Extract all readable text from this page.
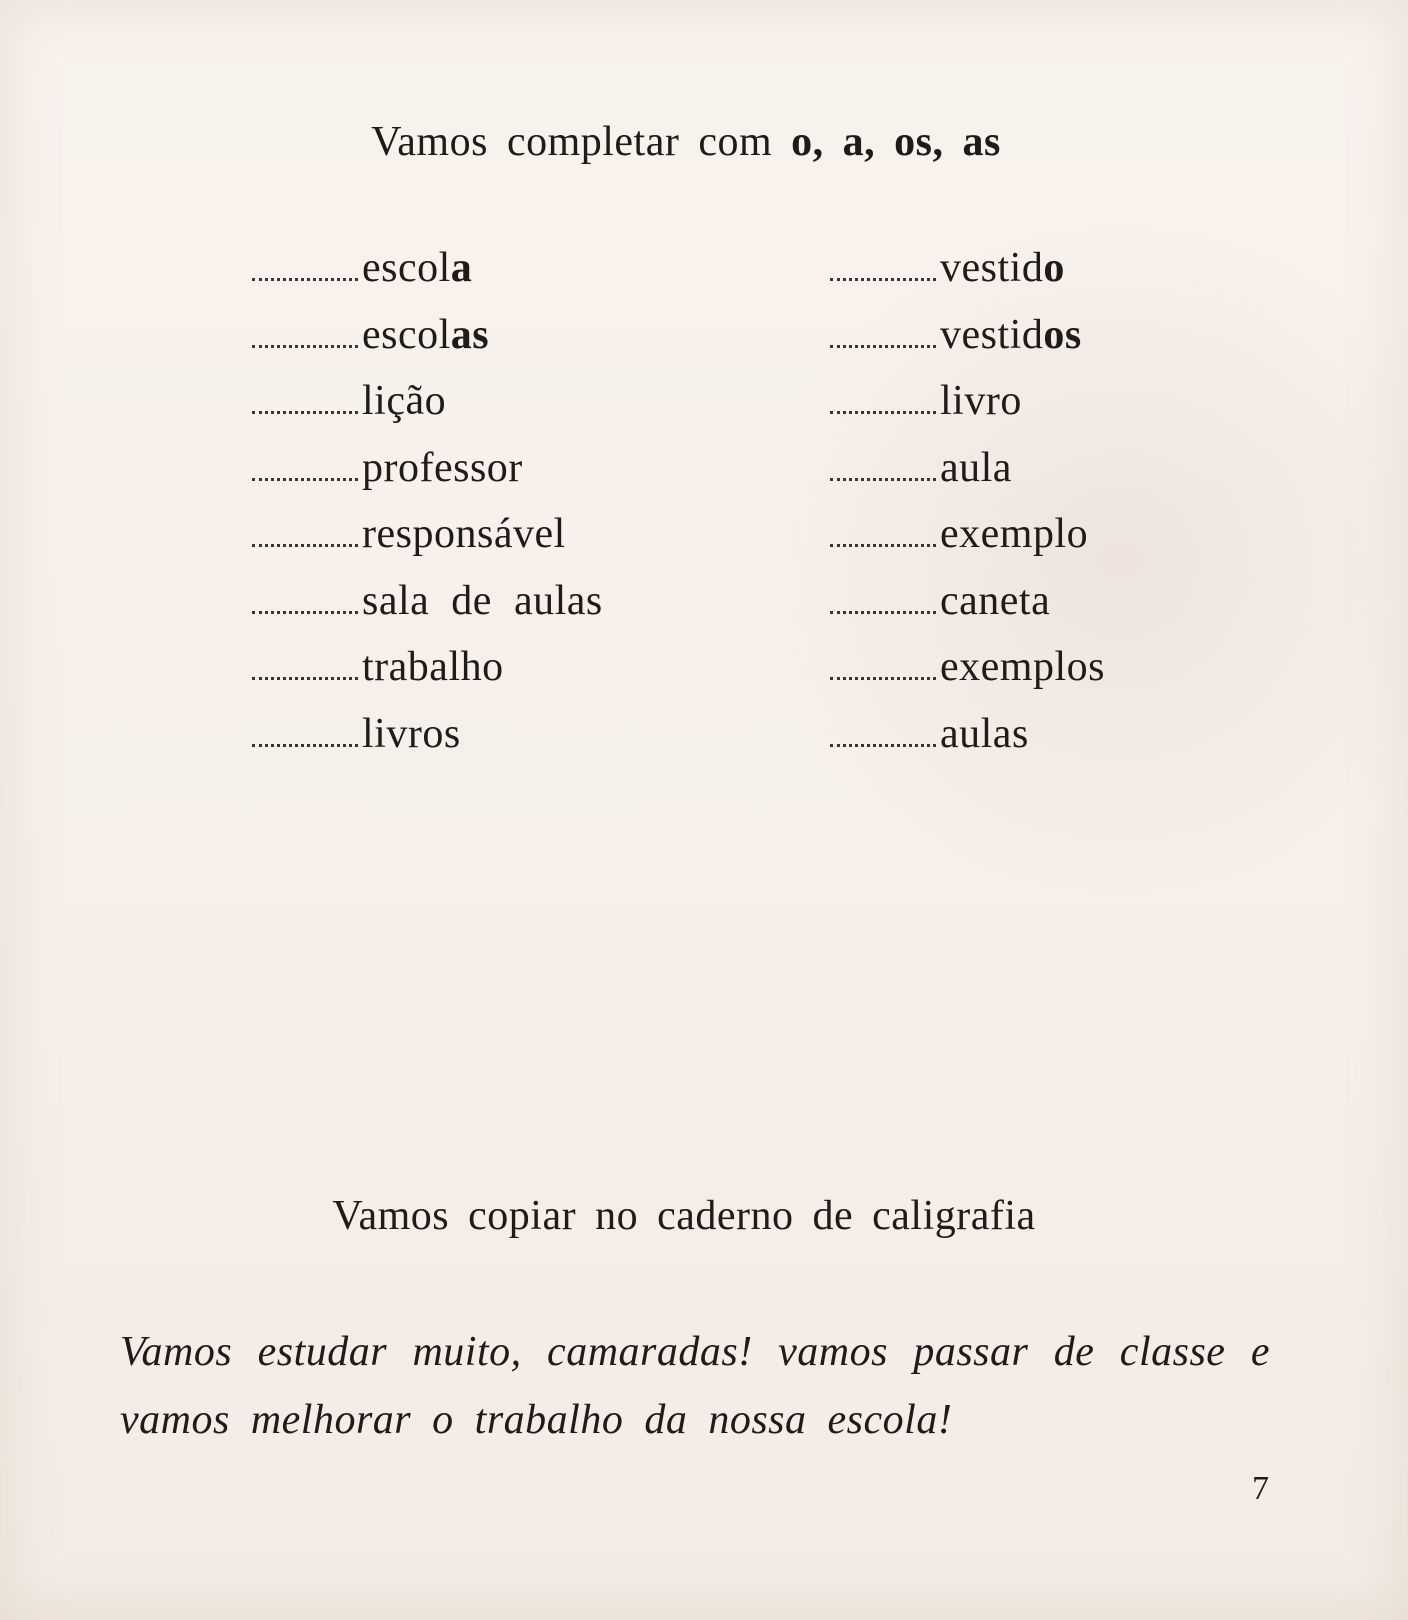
Vamos completar com o, a, os, as
escola
escolas
lição
professor
responsável
sala  de  aulas
trabalho
livros
vestido
vestidos
livro
aula
exemplo
caneta
exemplos
aulas
Vamos copiar no caderno de caligrafia
Vamos estudar muito, camaradas! vamos passar de classe e vamos melhorar o trabalho da nossa escola!
7
